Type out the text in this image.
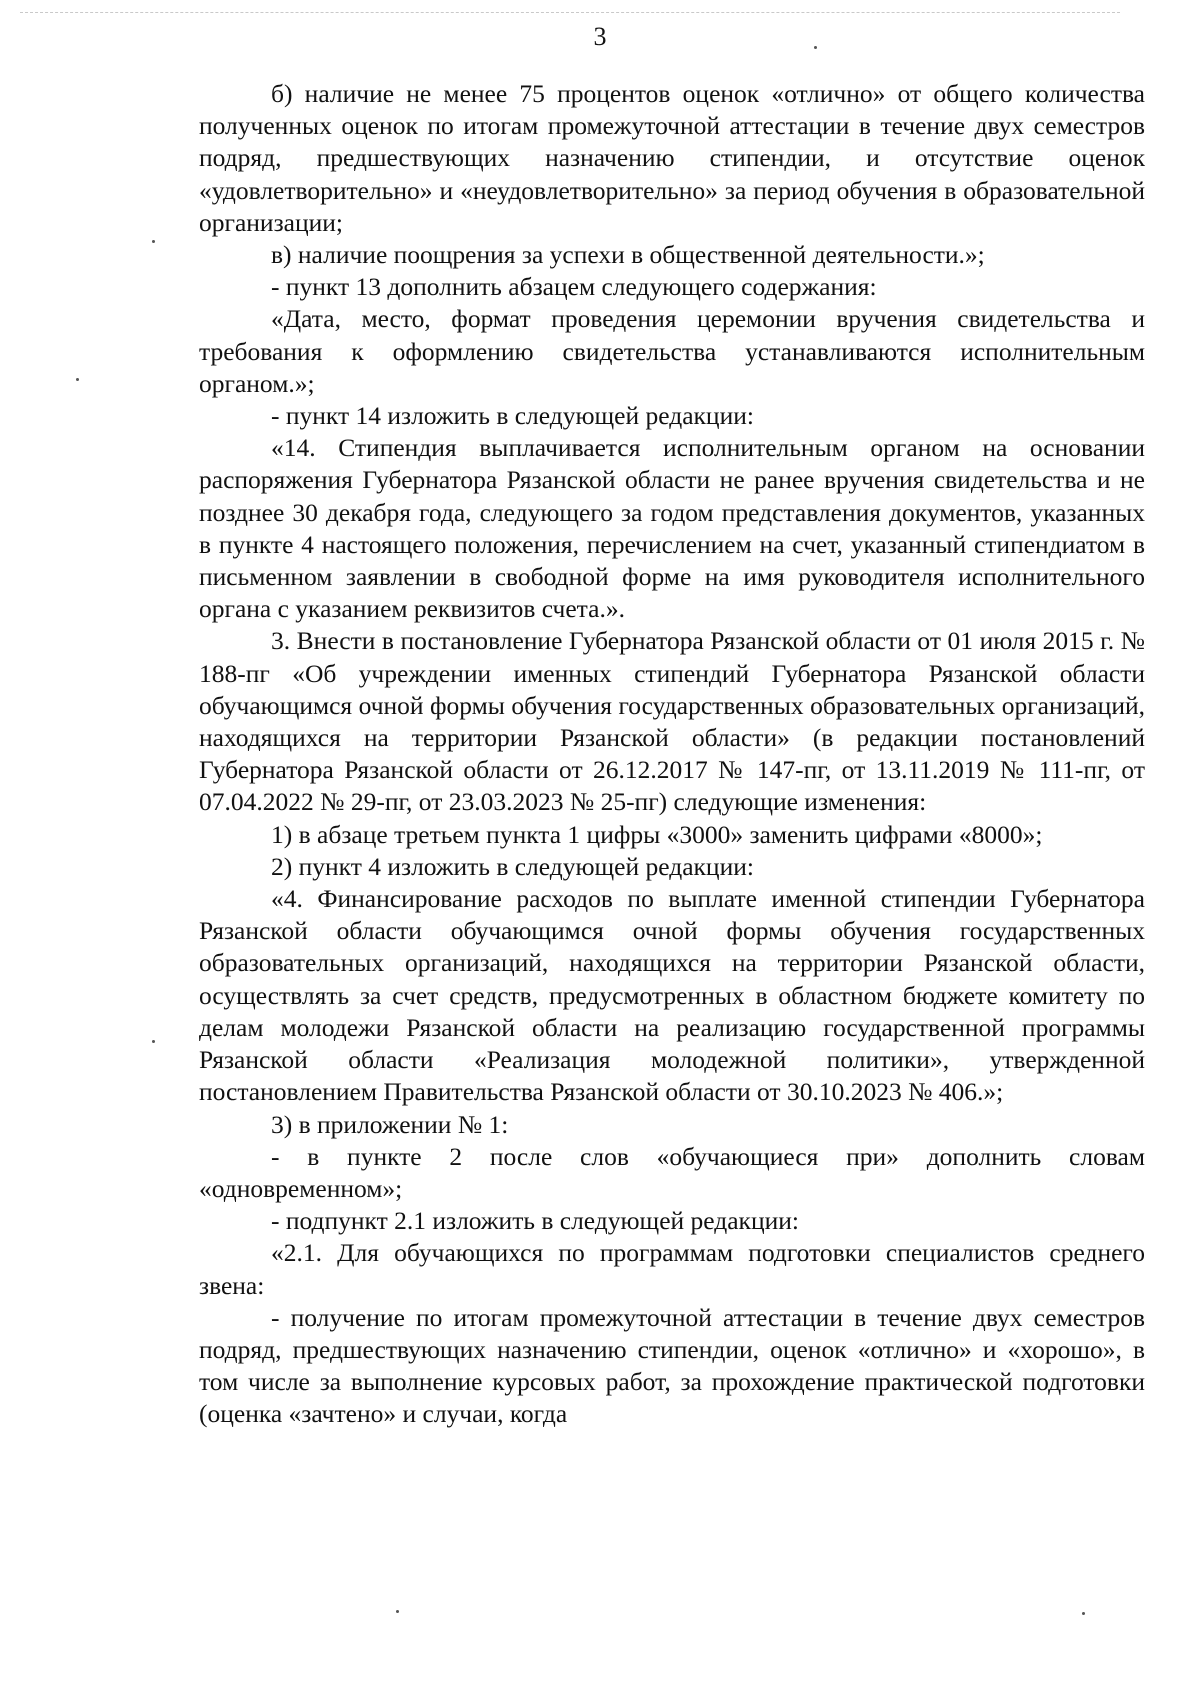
3

б) наличие не менее 75 процентов оценок «отлично» от общего количества полученных оценок по итогам промежуточной аттестации в течение двух семестров подряд, предшествующих назначению стипендии, и отсутствие оценок «удовлетворительно» и «неудовлетворительно» за период обучения в образовательной организации;

в) наличие поощрения за успехи в общественной деятельности.»;

- пункт 13 дополнить абзацем следующего содержания:

«Дата, место, формат проведения церемонии вручения свидетельства и требования к оформлению свидетельства устанавливаются исполнительным органом.»;

- пункт 14 изложить в следующей редакции:

«14. Стипендия выплачивается исполнительным органом на основании распоряжения Губернатора Рязанской области не ранее вручения свидетельства и не позднее 30 декабря года, следующего за годом представления документов, указанных в пункте 4 настоящего положения, перечислением на счет, указанный стипендиатом в письменном заявлении в свободной форме на имя руководителя исполнительного органа с указанием реквизитов счета.».

3. Внести в постановление Губернатора Рязанской области от 01 июля 2015 г. № 188-пг «Об учреждении именных стипендий Губернатора Рязанской области обучающимся очной формы обучения государственных образовательных организаций, находящихся на территории Рязанской области» (в редакции постановлений Губернатора Рязанской области от 26.12.2017 № 147-пг, от 13.11.2019 № 111-пг, от 07.04.2022 № 29-пг, от 23.03.2023 № 25-пг) следующие изменения:

1) в абзаце третьем пункта 1 цифры «3000» заменить цифрами «8000»;

2) пункт 4 изложить в следующей редакции:

«4. Финансирование расходов по выплате именной стипендии Губернатора Рязанской области обучающимся очной формы обучения государственных образовательных организаций, находящихся на территории Рязанской области, осуществлять за счет средств, предусмотренных в областном бюджете комитету по делам молодежи Рязанской области на реализацию государственной программы Рязанской области «Реализация молодежной политики», утвержденной постановлением Правительства Рязанской области от 30.10.2023 № 406.»;

3) в приложении № 1:

- в пункте 2 после слов «обучающиеся при» дополнить словам «одновременном»;

- подпункт 2.1 изложить в следующей редакции:

«2.1. Для обучающихся по программам подготовки специалистов среднего звена:

- получение по итогам промежуточной аттестации в течение двух семестров подряд, предшествующих назначению стипендии, оценок «отлично» и «хорошо», в том числе за выполнение курсовых работ, за прохождение практической подготовки (оценка «зачтено» и случаи, когда
